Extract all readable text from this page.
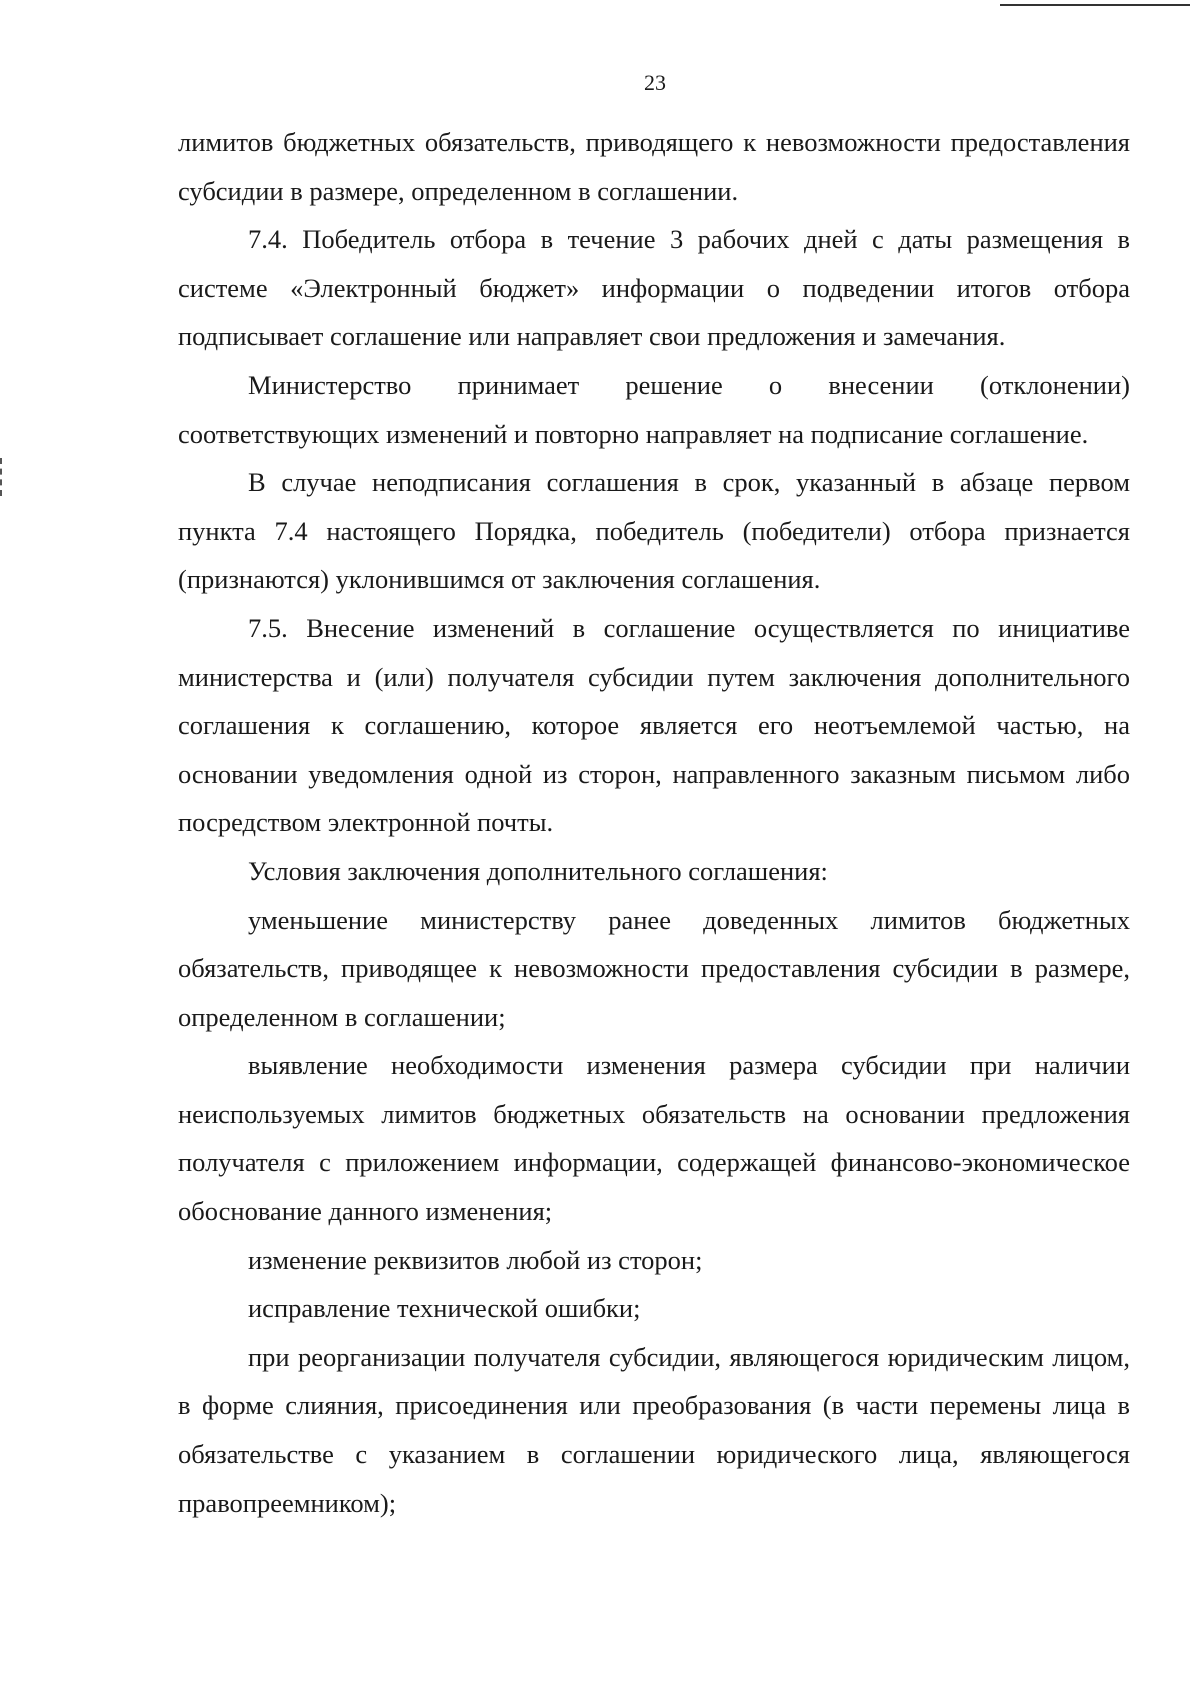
23

лимитов бюджетных обязательств, приводящего к невозможности предоставления субсидии в размере, определенном в соглашении.

7.4. Победитель отбора в течение 3 рабочих дней с даты размещения в системе «Электронный бюджет» информации о подведении итогов отбора подписывает соглашение или направляет свои предложения и замечания.

Министерство принимает решение о внесении (отклонении) соответствующих изменений и повторно направляет на подписание соглашение.

В случае неподписания соглашения в срок, указанный в абзаце первом пункта 7.4 настоящего Порядка, победитель (победители) отбора признается (признаются) уклонившимся от заключения соглашения.

7.5. Внесение изменений в соглашение осуществляется по инициативе министерства и (или) получателя субсидии путем заключения дополнительного соглашения к соглашению, которое является его неотъемлемой частью, на основании уведомления одной из сторон, направленного заказным письмом либо посредством электронной почты.

Условия заключения дополнительного соглашения:

уменьшение министерству ранее доведенных лимитов бюджетных обязательств, приводящее к невозможности предоставления субсидии в размере, определенном в соглашении;

выявление необходимости изменения размера субсидии при наличии неиспользуемых лимитов бюджетных обязательств на основании предложения получателя с приложением информации, содержащей финансово-экономическое обоснование данного изменения;

изменение реквизитов любой из сторон;

исправление технической ошибки;

при реорганизации получателя субсидии, являющегося юридическим лицом, в форме слияния, присоединения или преобразования (в части перемены лица в обязательстве с указанием в соглашении юридического лица, являющегося правопреемником);
